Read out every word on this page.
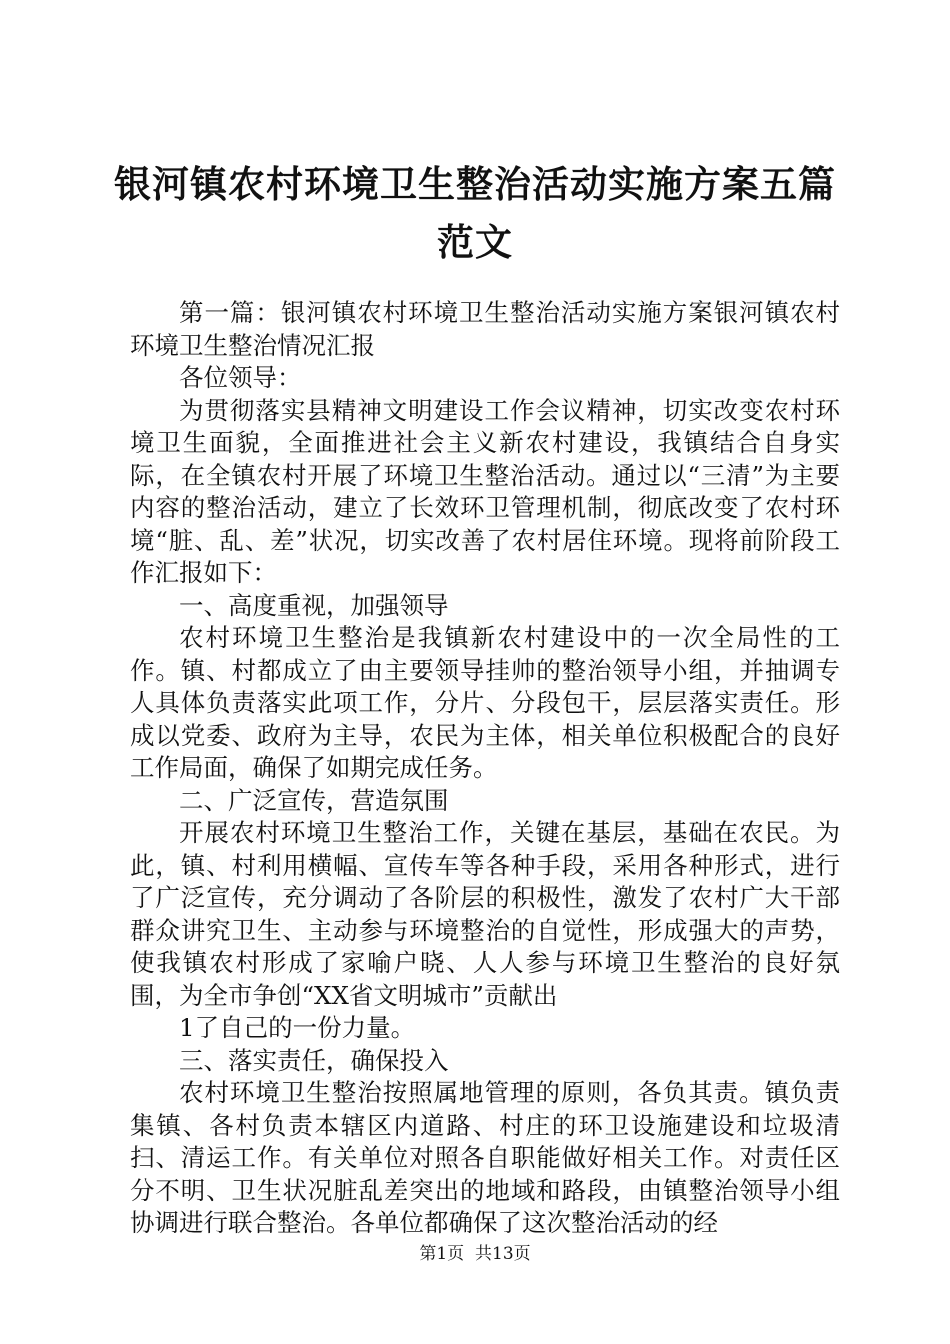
银河镇农村环境卫生整治活动实施方案五篇范文

第一篇：银河镇农村环境卫生整治活动实施方案银河镇农村环境卫生整治情况汇报

各位领导：

为贯彻落实县精神文明建设工作会议精神，切实改变农村环境卫生面貌，全面推进社会主义新农村建设，我镇结合自身实际，在全镇农村开展了环境卫生整治活动。通过以“三清”为主要内容的整治活动，建立了长效环卫管理机制，彻底改变了农村环境“脏、乱、差”状况，切实改善了农村居住环境。现将前阶段工作汇报如下：

一、高度重视，加强领导

农村环境卫生整治是我镇新农村建设中的一次全局性的工作。镇、村都成立了由主要领导挂帅的整治领导小组，并抽调专人具体负责落实此项工作，分片、分段包干，层层落实责任。形成以党委、政府为主导，农民为主体，相关单位积极配合的良好工作局面，确保了如期完成任务。

二、广泛宣传，营造氛围

开展农村环境卫生整治工作，关键在基层，基础在农民。为此，镇、村利用横幅、宣传车等各种手段，采用各种形式，进行了广泛宣传，充分调动了各阶层的积极性，激发了农村广大干部群众讲究卫生、主动参与环境整治的自觉性，形成强大的声势，使我镇农村形成了家喻户晓、人人参与环境卫生整治的良好氛围，为全市争创“XX省文明城市”贡献出

1了自己的一份力量。

三、落实责任，确保投入

农村环境卫生整治按照属地管理的原则，各负其责。镇负责集镇、各村负责本辖区内道路、村庄的环卫设施建设和垃圾清扫、清运工作。有关单位对照各自职能做好相关工作。对责任区分不明、卫生状况脏乱差突出的地域和路段，由镇整治领导小组协调进行联合整治。各单位都确保了这次整治活动的经

第1页 共13页
